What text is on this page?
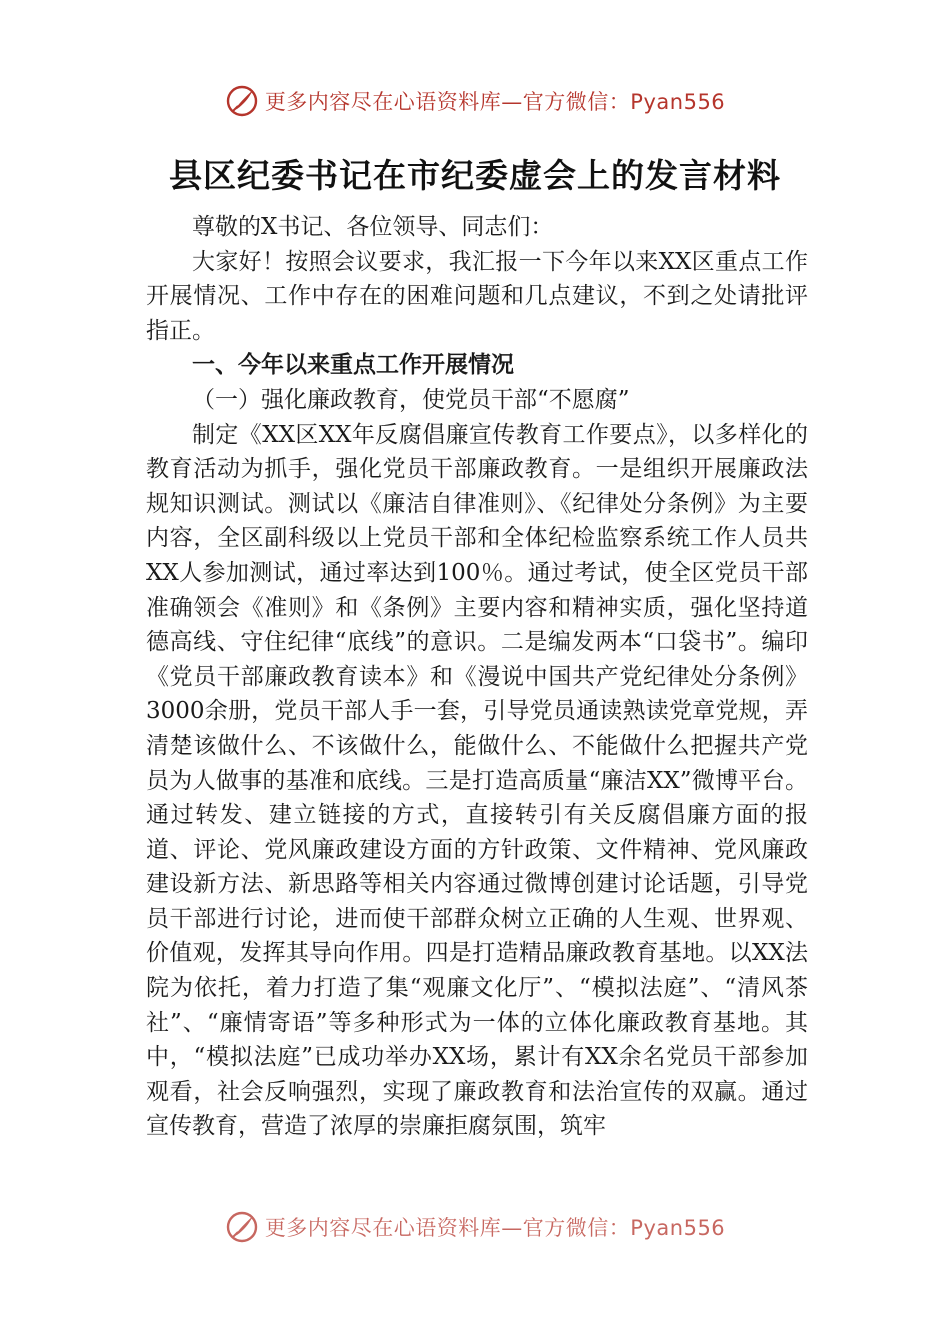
更多内容尽在心语资料库—官方微信：Pyan556
县区纪委书记在市纪委虚会上的发言材料

尊敬的X书记、各位领导、同志们：

大家好！按照会议要求，我汇报一下今年以来XX区重点工作开展情况、工作中存在的困难问题和几点建议，不到之处请批评指正。

一、今年以来重点工作开展情况

（一）强化廉政教育，使党员干部“不愿腐”

制定《XX区XX年反腐倡廉宣传教育工作要点》，以多样化的教育活动为抓手，强化党员干部廉政教育。一是组织开展廉政法规知识测试。测试以《廉洁自律准则》、《纪律处分条例》为主要内容，全区副科级以上党员干部和全体纪检监察系统工作人员共XX人参加测试，通过率达到100％。通过考试，使全区党员干部准确领会《准则》和《条例》主要内容和精神实质，强化坚持道德高线、守住纪律“底线”的意识。二是编发两本“口袋书”。编印《党员干部廉政教育读本》和《漫说中国共产党纪律处分条例》3000余册，党员干部人手一套，引导党员通读熟读党章党规，弄清楚该做什么、不该做什么，能做什么、不能做什么把握共产党员为人做事的基准和底线。三是打造高质量“廉洁XX”微博平台。通过转发、建立链接的方式，直接转引有关反腐倡廉方面的报道、评论、党风廉政建设方面的方针政策、文件精神、党风廉政建设新方法、新思路等相关内容通过微博创建讨论话题，引导党员干部进行讨论，进而使干部群众树立正确的人生观、世界观、价值观，发挥其导向作用。四是打造精品廉政教育基地。以XX法院为依托，着力打造了集“观廉文化厅”、“模拟法庭”、“清风茶社”、“廉情寄语”等多种形式为一体的立体化廉政教育基地。其中，“模拟法庭”已成功举办XX场，累计有XX余名党员干部参加观看，社会反响强烈，实现了廉政教育和法治宣传的双赢。通过宣传教育，营造了浓厚的崇廉拒腐氛围，筑牢

更多内容尽在心语资料库—官方微信：Pyan556
